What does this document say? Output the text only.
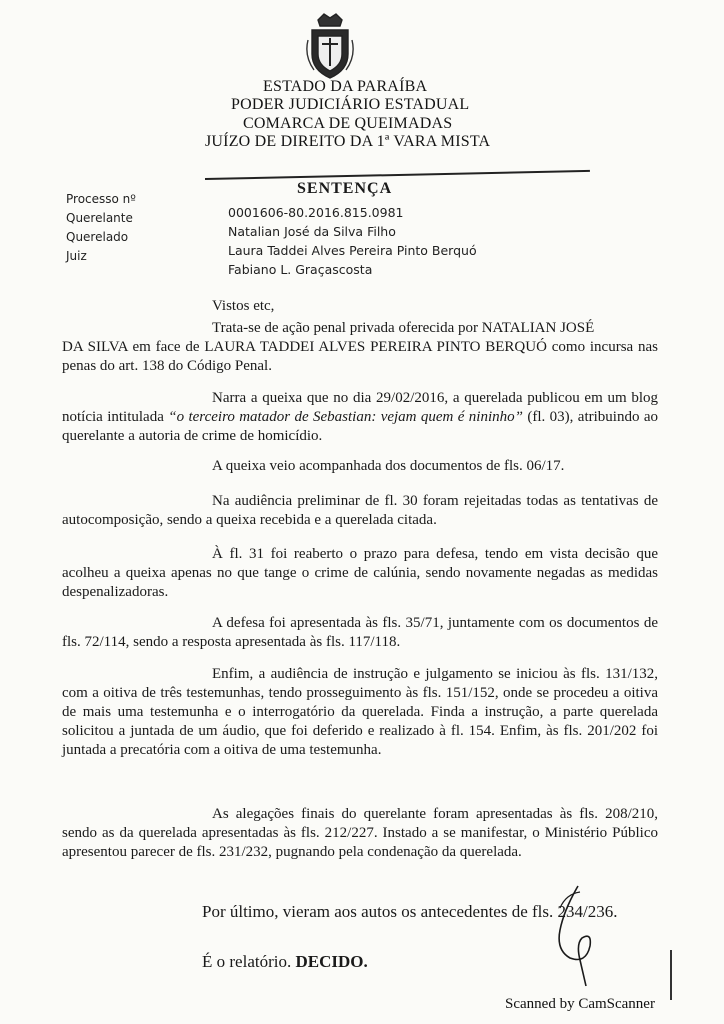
ESTADO DA PARAÍBA
PODER JUDICIÁRIO ESTADUAL
COMARCA DE QUEIMADAS
JUÍZO DE DIREITO DA 1ª VARA MISTA
SENTENÇA
Processo nº
Querelante
Querelado
Juiz
0001606-80.2016.815.0981
Natalian José da Silva Filho
Laura Taddei Alves Pereira Pinto Berquó
Fabiano L. Graçascosta
Vistos etc,
Trata-se de ação penal privada oferecida por NATALIAN JOSÉ
DA SILVA em face de LAURA TADDEI ALVES PEREIRA PINTO BERQUÓ como incursa nas penas do art. 138 do Código Penal.
Narra a queixa que no dia 29/02/2016, a querelada publicou em um blog notícia intitulada “o terceiro matador de Sebastian: vejam quem é nininho” (fl. 03), atribuindo ao querelante a autoria de crime de homicídio.
A queixa veio acompanhada dos documentos de fls. 06/17.
Na audiência preliminar de fl. 30 foram rejeitadas todas as tentativas de autocomposição, sendo a queixa recebida e a querelada citada.
À fl. 31 foi reaberto o prazo para defesa, tendo em vista decisão que acolheu a queixa apenas no que tange o crime de calúnia, sendo novamente negadas as medidas despenalizadoras.
A defesa foi apresentada às fls. 35/71, juntamente com os documentos de fls. 72/114, sendo a resposta apresentada às fls. 117/118.
Enfim, a audiência de instrução e julgamento se iniciou às fls. 131/132, com a oitiva de três testemunhas, tendo prosseguimento às fls. 151/152, onde se procedeu a oitiva de mais uma testemunha e o interrogatório da querelada. Finda a instrução, a parte querelada solicitou a juntada de um áudio, que foi deferido e realizado à fl. 154. Enfim, às fls. 201/202 foi juntada a precatória com a oitiva de uma testemunha.
As alegações finais do querelante foram apresentadas às fls. 208/210, sendo as da querelada apresentadas às fls. 212/227. Instado a se manifestar, o Ministério Público apresentou parecer de fls. 231/232, pugnando pela condenação da querelada.
Por último, vieram aos autos os antecedentes de fls. 234/236.
É o relatório. DECIDO.
Scanned by CamScanner
